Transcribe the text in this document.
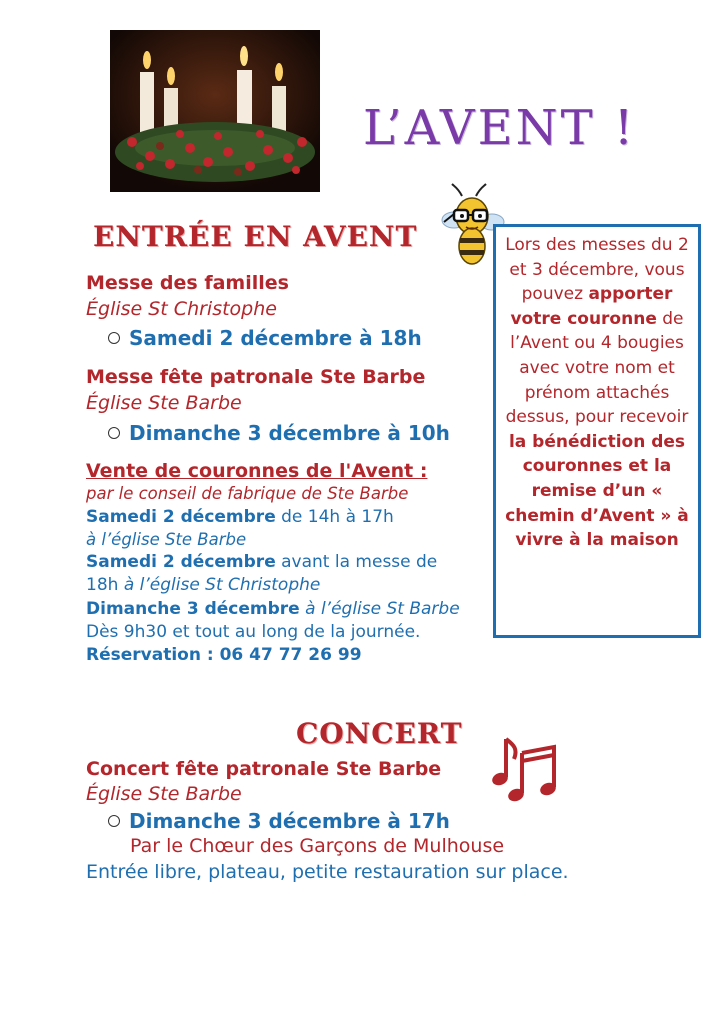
L’AVENT !
ENTRÉE EN AVENT
Messe des familles
Église St Christophe
Samedi 2 décembre à 18h
Messe fête patronale Ste Barbe
Église Ste Barbe
Dimanche 3 décembre à 10h
Vente de couronnes de l'Avent :
par le conseil de fabrique de Ste Barbe
Samedi 2 décembre de 14h à 17h
à l’église Ste Barbe
Samedi 2 décembre avant la messe de
18h à l’église St Christophe
Dimanche 3 décembre à l’église St Barbe
Dès 9h30 et tout au long de la journée.
Réservation : 06 47 77 26 99
Lors des messes du 2 et 3 décembre, vous pouvez apporter votre couronne de l’Avent ou 4 bougies avec votre nom et prénom attachés dessus, pour recevoir la bénédiction des couronnes et la remise d’un « chemin d’Avent » à vivre à la maison
CONCERT
Concert fête patronale Ste Barbe
Église Ste Barbe
Dimanche 3 décembre à 17h
Par le Chœur des Garçons de Mulhouse
Entrée libre, plateau, petite restauration sur place.
